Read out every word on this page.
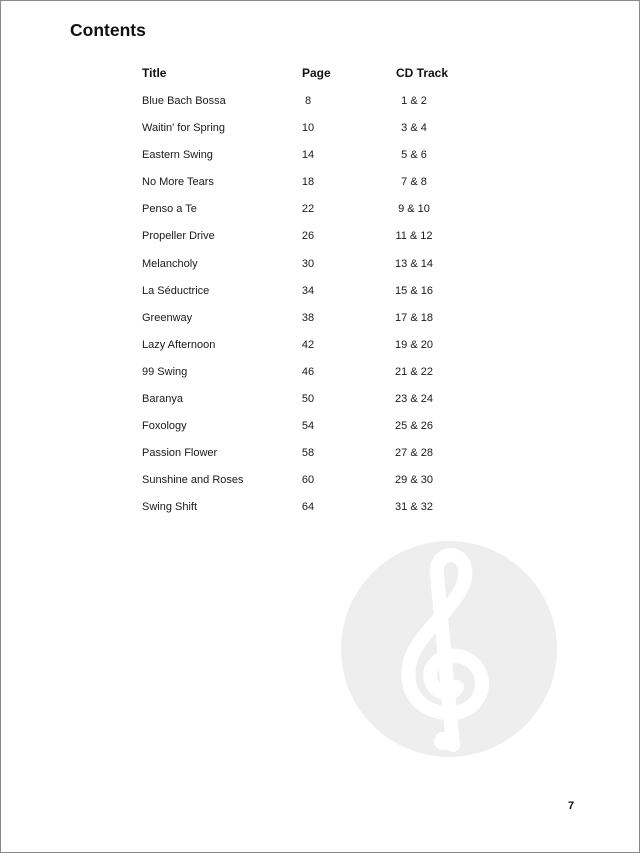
Contents
Title	Page	CD Track
Blue Bach Bossa	8	1 & 2
Waitin' for Spring	10	3 & 4
Eastern Swing	14	5 & 6
No More Tears	18	7 & 8
Penso a Te	22	9 & 10
Propeller Drive	26	11 & 12
Melancholy	30	13 & 14
La Séductrice	34	15 & 16
Greenway	38	17 & 18
Lazy Afternoon	42	19 & 20
99 Swing	46	21 & 22
Baranya	50	23 & 24
Foxology	54	25 & 26
Passion Flower	58	27 & 28
Sunshine and Roses	60	29 & 30
Swing Shift	64	31 & 32
alle-noten.de
7
